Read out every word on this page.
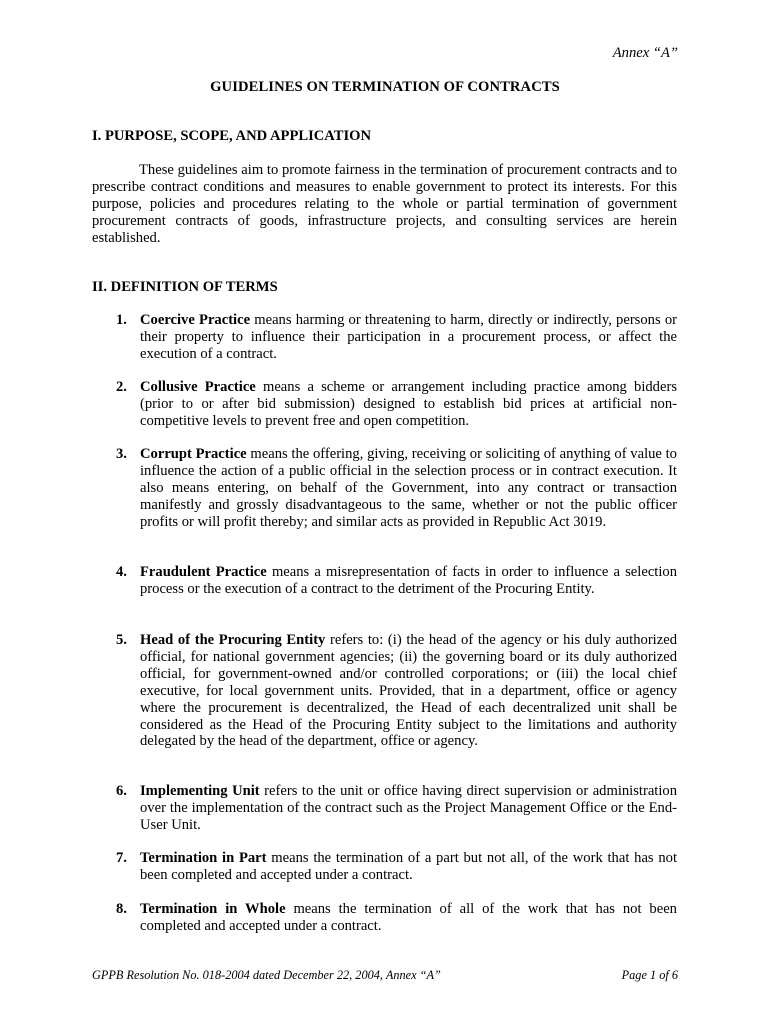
Annex “A”
GUIDELINES ON TERMINATION OF CONTRACTS
I. PURPOSE, SCOPE, AND APPLICATION

These guidelines aim to promote fairness in the termination of procurement contracts and to prescribe contract conditions and measures to enable government to protect its interests. For this purpose, policies and procedures relating to the whole or partial termination of government procurement contracts of goods, infrastructure projects, and consulting services are herein established.

II. DEFINITION OF TERMS
1. Coercive Practice means harming or threatening to harm, directly or indirectly, persons or their property to influence their participation in a procurement process, or affect the execution of a contract.
2. Collusive Practice means a scheme or arrangement including practice among bidders (prior to or after bid submission) designed to establish bid prices at artificial non-competitive levels to prevent free and open competition.
3. Corrupt Practice means the offering, giving, receiving or soliciting of anything of value to influence the action of a public official in the selection process or in contract execution. It also means entering, on behalf of the Government, into any contract or transaction manifestly and grossly disadvantageous to the same, whether or not the public officer profits or will profit thereby; and similar acts as provided in Republic Act 3019.
4. Fraudulent Practice means a misrepresentation of facts in order to influence a selection process or the execution of a contract to the detriment of the Procuring Entity.
5. Head of the Procuring Entity refers to: (i) the head of the agency or his duly authorized official, for national government agencies; (ii) the governing board or its duly authorized official, for government-owned and/or controlled corporations; or (iii) the local chief executive, for local government units. Provided, that in a department, office or agency where the procurement is decentralized, the Head of each decentralized unit shall be considered as the Head of the Procuring Entity subject to the limitations and authority delegated by the head of the department, office or agency.
6. Implementing Unit refers to the unit or office having direct supervision or administration over the implementation of the contract such as the Project Management Office or the End-User Unit.
7. Termination in Part means the termination of a part but not all, of the work that has not been completed and accepted under a contract.
8. Termination in Whole means the termination of all of the work that has not been completed and accepted under a contract.
GPPB Resolution No. 018-2004 dated December 22, 2004, Annex “A”	Page 1 of 6
